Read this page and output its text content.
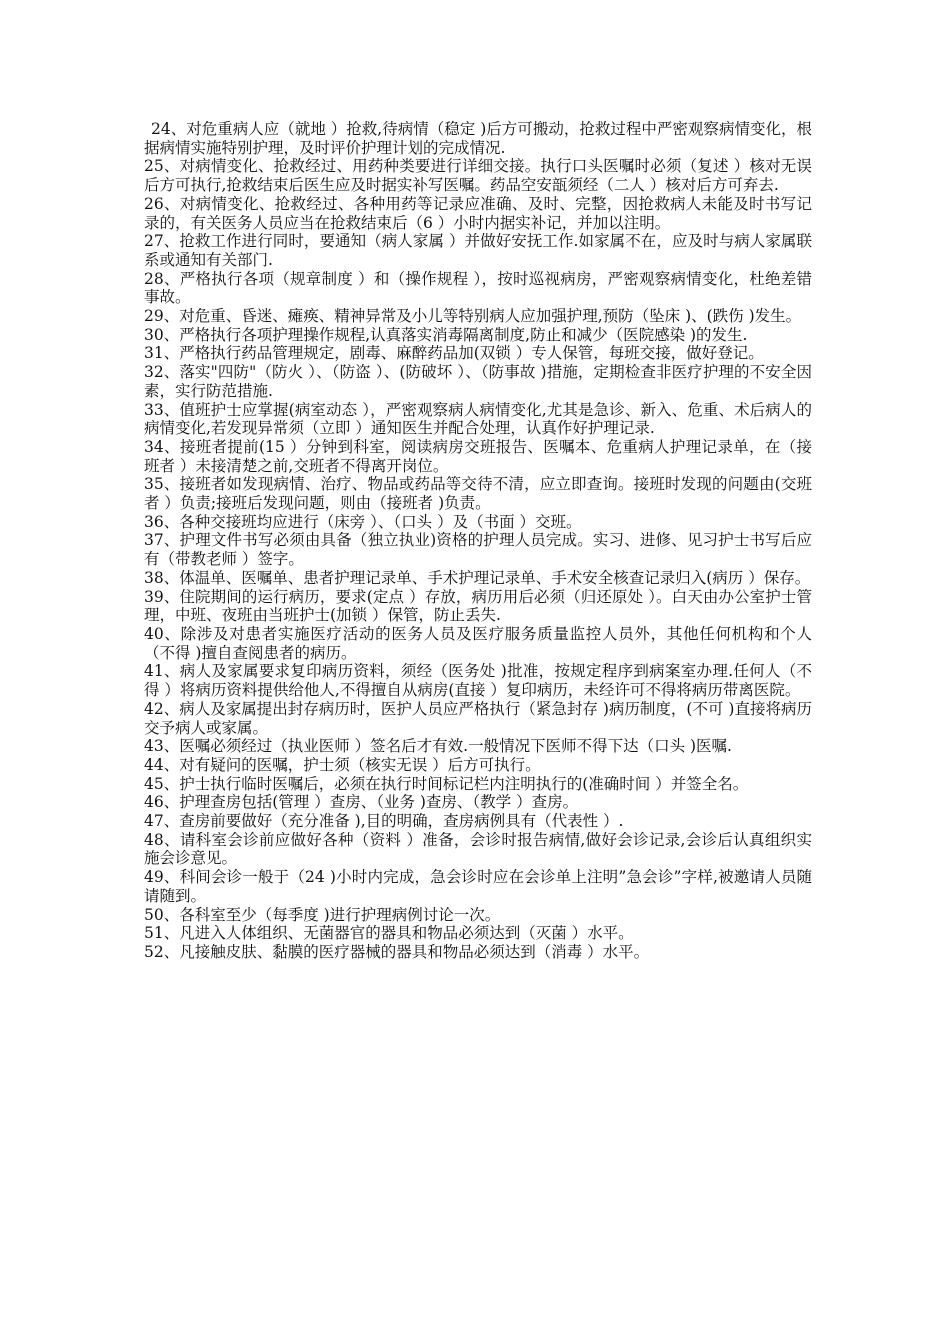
24、对危重病人应（就地 ）抢救,待病情（稳定 )后方可搬动，抢救过程中严密观察病情变化，根据病情实施特别护理，及时评价护理计划的完成情况.

25、对病情变化、抢救经过、用药种类要进行详细交接。执行口头医嘱时必须（复述 ）核对无误后方可执行,抢救结束后医生应及时据实补写医嘱。药品空安瓿须经（二人 ）核对后方可弃去.

26、对病情变化、抢救经过、各种用药等记录应准确、及时、完整，因抢救病人未能及时书写记录的，有关医务人员应当在抢救结束后（6 ）小时内据实补记，并加以注明。

27、抢救工作进行同时，要通知（病人家属 ）并做好安抚工作.如家属不在，应及时与病人家属联系或通知有关部门.

28、严格执行各项（规章制度 ）和（操作规程 ），按时巡视病房，严密观察病情变化，杜绝差错事故。

29、对危重、昏迷、瘫痪、精神异常及小儿等特别病人应加强护理,预防（坠床 )、(跌伤 )发生。

30、严格执行各项护理操作规程,认真落实消毒隔离制度,防止和减少（医院感染 )的发生.

31、严格执行药品管理规定，剧毒、麻醉药品加(双锁 ）专人保管，每班交接，做好登记。

32、落实"四防"（防火 ）、（防盗 ）、(防破坏 ）、（防事故 )措施，定期检查非医疗护理的不安全因素，实行防范措施.

33、值班护士应掌握(病室动态 ），严密观察病人病情变化,尤其是急诊、新入、危重、术后病人的病情变化,若发现异常须（立即 ）通知医生并配合处理，认真作好护理记录.

34、接班者提前(15 ）分钟到科室，阅读病房交班报告、医嘱本、危重病人护理记录单，在（接班者 ）未接清楚之前,交班者不得离开岗位。

35、接班者如发现病情、治疗、物品或药品等交待不清，应立即查询。接班时发现的问题由(交班者 ）负责;接班后发现问题，则由（接班者 )负责。

36、各种交接班均应进行（床旁 ）、（口头 ）及（书面 ）交班。

37、护理文件书写必须由具备（独立执业)资格的护理人员完成。实习、进修、见习护士书写后应有（带教老师 ）签字。

38、体温单、医嘱单、患者护理记录单、手术护理记录单、手术安全核查记录归入(病历 ）保存。

39、住院期间的运行病历，要求(定点 ）存放，病历用后必须（归还原处 ）。白天由办公室护士管理，中班、夜班由当班护士(加锁 ）保管，防止丢失.

40、除涉及对患者实施医疗活动的医务人员及医疗服务质量监控人员外，其他任何机构和个人（不得 )擅自查阅患者的病历。

41、病人及家属要求复印病历资料，须经（医务处 )批准，按规定程序到病案室办理.任何人（不得 ）将病历资料提供给他人,不得擅自从病房(直接 ）复印病历，未经许可不得将病历带离医院。

42、病人及家属提出封存病历时，医护人员应严格执行（紧急封存 )病历制度，(不可 )直接将病历交予病人或家属。

43、医嘱必须经过（执业医师 ）签名后才有效.一般情况下医师不得下达（口头 )医嘱.

44、对有疑问的医嘱，护士须（核实无误 ）后方可执行。

45、护士执行临时医嘱后，必须在执行时间标记栏内注明执行的(准确时间 ）并签全名。

46、护理查房包括(管理 ）查房、（业务 )查房、（教学 ）查房。

47、查房前要做好（充分准备 ),目的明确，查房病例具有（代表性 ）.

48、请科室会诊前应做好各种（资料 ）准备，会诊时报告病情,做好会诊记录,会诊后认真组织实施会诊意见。

49、科间会诊一般于（24 )小时内完成，急会诊时应在会诊单上注明”急会诊”字样,被邀请人员随请随到。

50、各科室至少（每季度 )进行护理病例讨论一次。

51、凡进入人体组织、无菌器官的器具和物品必须达到（灭菌 ）水平。

52、凡接触皮肤、黏膜的医疗器械的器具和物品必须达到（消毒 ）水平。
